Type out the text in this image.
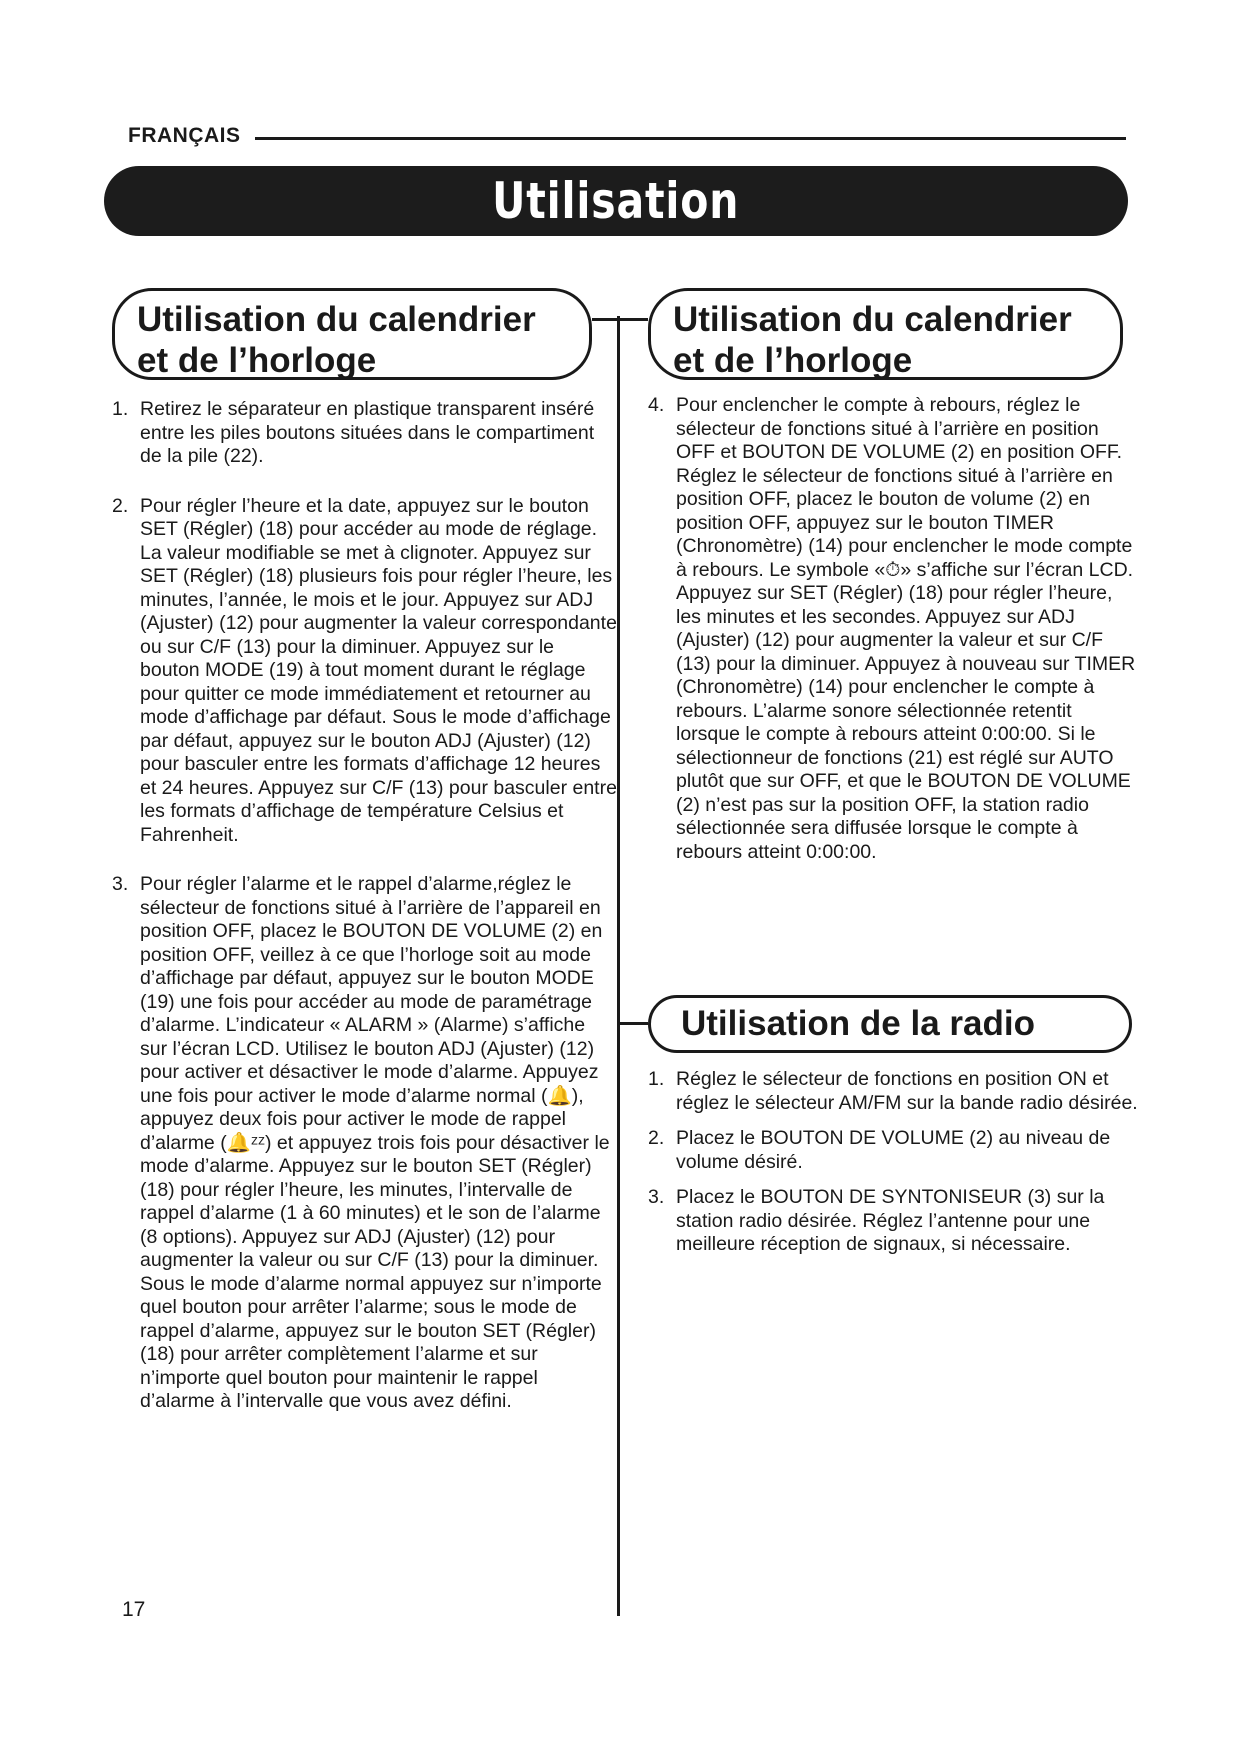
FRANÇAIS
Utilisation
Utilisation du calendrier
et de l’horloge
Utilisation du calendrier
et de l’horloge
1. Retirez le séparateur en plastique transparent inséré entre les piles boutons situées dans le compartiment de la pile (22).
2. Pour régler l’heure et la date, appuyez sur le bouton SET (Régler) (18) pour accéder au mode de réglage. La valeur modifiable se met à clignoter. Appuyez sur SET (Régler) (18) plusieurs fois pour régler l’heure, les minutes, l’année, le mois et le jour. Appuyez sur ADJ (Ajuster) (12) pour augmenter la valeur correspondante ou sur C/F (13) pour la diminuer. Appuyez sur le bouton MODE (19) à tout moment durant le réglage pour quitter ce mode immédiatement et retourner au mode d’affichage par défaut. Sous le mode d’affichage par défaut, appuyez sur le bouton ADJ (Ajuster) (12) pour basculer entre les formats d’affichage 12 heures et 24 heures. Appuyez sur C/F (13) pour basculer entre les formats d’affichage de température Celsius et Fahrenheit.
3. Pour régler l’alarme et le rappel d’alarme,réglez le sélecteur de fonctions situé à l’arrière de l’appareil en position OFF, placez le BOUTON DE VOLUME (2) en position OFF, veillez à ce que l’horloge soit au mode d’affichage par défaut, appuyez sur le bouton MODE (19) une fois pour accéder au mode de paramétrage d’alarme. L’indicateur « ALARM » (Alarme) s’affiche sur l’écran LCD. Utilisez le bouton ADJ (Ajuster) (12) pour activer et désactiver le mode d’alarme. Appuyez une fois pour activer le mode d’alarme normal (🔔), appuyez deux fois pour activer le mode de rappel d’alarme (🔔ᶻᶻ) et appuyez trois fois pour désactiver le mode d’alarme. Appuyez sur le bouton SET (Régler) (18) pour régler l’heure, les minutes, l’intervalle de rappel d’alarme (1 à 60 minutes) et le son de l’alarme (8 options). Appuyez sur ADJ (Ajuster) (12) pour augmenter la valeur ou sur C/F (13) pour la diminuer. Sous le mode d’alarme normal appuyez sur n’importe quel bouton pour arrêter l’alarme; sous le mode de rappel d’alarme, appuyez sur le bouton SET (Régler) (18) pour arrêter complètement l’alarme et sur n’importe quel bouton pour maintenir le rappel d’alarme à l’intervalle que vous avez défini.
4. Pour enclencher le compte à rebours, réglez le sélecteur de fonctions situé à l’arrière en position OFF et BOUTON DE VOLUME (2) en position OFF. Réglez le sélecteur de fonctions situé à l’arrière en position OFF, placez le bouton de volume (2) en position OFF, appuyez sur le bouton TIMER (Chronomètre) (14) pour enclencher le mode compte à rebours. Le symbole «⏱» s’affiche sur l’écran LCD. Appuyez sur SET (Régler) (18) pour régler l’heure, les minutes et les secondes. Appuyez sur ADJ (Ajuster) (12) pour augmenter la valeur et sur C/F (13) pour la diminuer. Appuyez à nouveau sur TIMER (Chronomètre) (14) pour enclencher le compte à rebours. L’alarme sonore sélectionnée retentit lorsque le compte à rebours atteint 0:00:00. Si le sélectionneur de fonctions (21) est réglé sur AUTO plutôt que sur OFF, et que le BOUTON DE VOLUME (2) n’est pas sur la position OFF, la station radio sélectionnée sera diffusée lorsque le compte à rebours atteint 0:00:00.
Utilisation de la radio
1. Réglez le sélecteur de fonctions en position ON et réglez le sélecteur AM/FM sur la bande radio désirée.
2. Placez le BOUTON DE VOLUME (2) au niveau de volume désiré.
3. Placez le BOUTON DE SYNTONISEUR (3) sur la station radio désirée. Réglez l’antenne pour une meilleure réception de signaux, si nécessaire.
17
